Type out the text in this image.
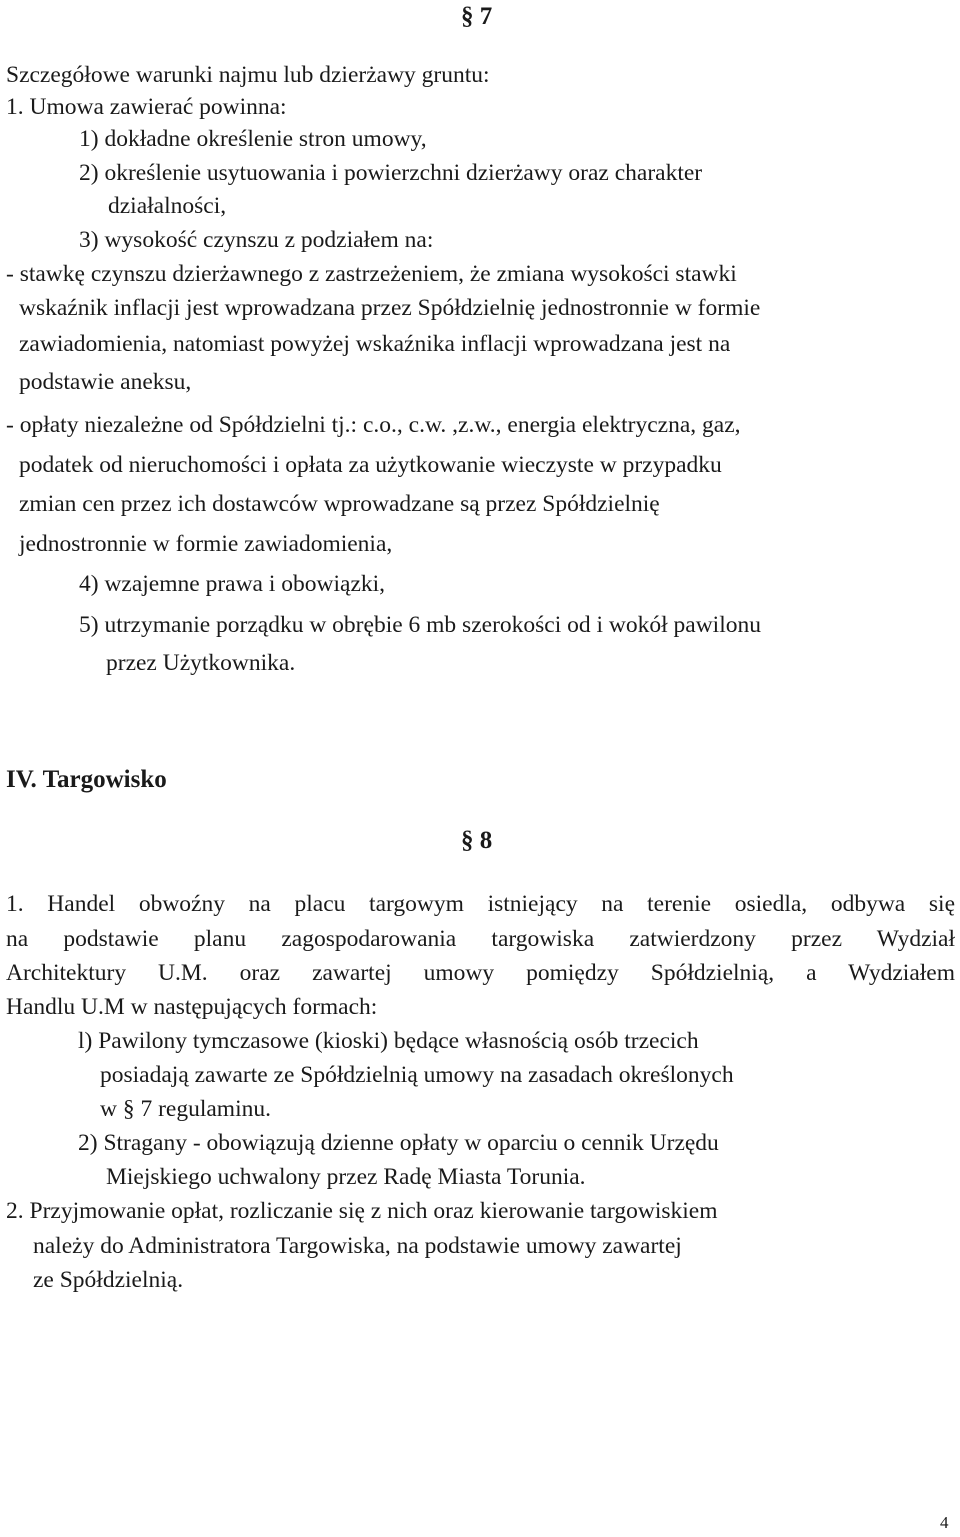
§ 7

Szczegółowe warunki najmu lub dzierżawy gruntu:

1. Umowa zawierać powinna:

1) dokładne określenie stron umowy,

2) określenie usytuowania i powierzchni dzierżawy oraz charakter

działalności,

3) wysokość czynszu z podziałem na:

- stawkę czynszu dzierżawnego z zastrzeżeniem, że zmiana wysokości stawki

wskaźnik inflacji jest wprowadzana przez Spółdzielnię jednostronnie w formie

zawiadomienia, natomiast powyżej wskaźnika inflacji wprowadzana jest na

podstawie aneksu,

- opłaty niezależne od Spółdzielni tj.: c.o., c.w. ,z.w., energia elektryczna, gaz,

podatek od nieruchomości i opłata za użytkowanie wieczyste w przypadku

zmian cen przez ich dostawców wprowadzane są przez Spółdzielnię

jednostronnie w formie zawiadomienia,

4) wzajemne prawa i obowiązki,

5) utrzymanie porządku w obrębie 6 mb szerokości od i wokół pawilonu

przez Użytkownika.

IV. Targowisko

§ 8

1. Handel obwoźny na placu targowym istniejący na terenie osiedla, odbywa się

na podstawie planu zagospodarowania targowiska zatwierdzony przez Wydział

Architektury U.M. oraz zawartej umowy pomiędzy Spółdzielnią, a Wydziałem

Handlu U.M w następujących formach:

l) Pawilony tymczasowe (kioski) będące własnością osób trzecich

posiadają zawarte ze Spółdzielnią umowy na zasadach określonych

w § 7 regulaminu.

2) Stragany - obowiązują dzienne opłaty w oparciu o cennik Urzędu

Miejskiego uchwalony przez Radę Miasta Torunia.

2. Przyjmowanie opłat, rozliczanie się z nich oraz kierowanie targowiskiem

należy do Administratora Targowiska, na podstawie umowy zawartej

ze Spółdzielnią.

4
